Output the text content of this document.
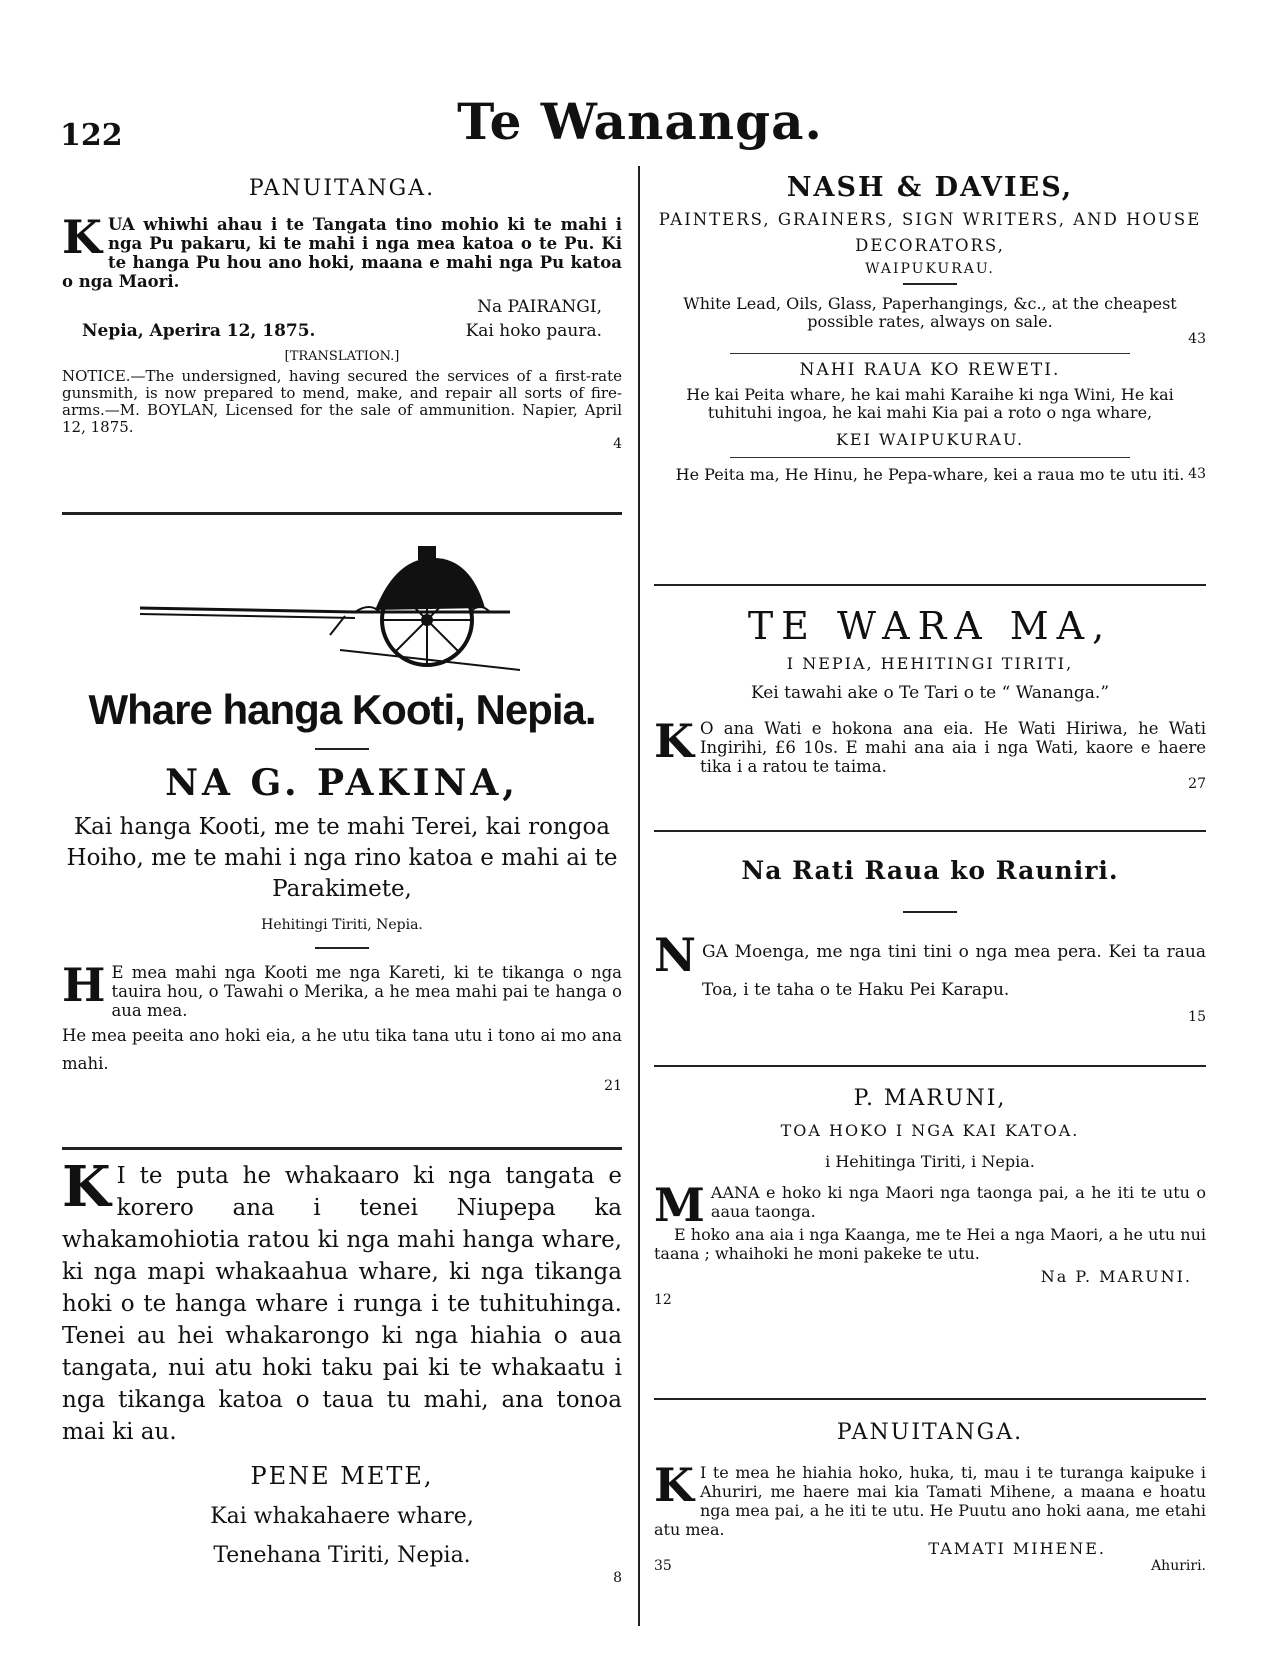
122	Te Wananga.
PANUITANGA.
K UA whiwhi ahau i te Tangata tino mohio ki te mahi i nga Pu pakaru, ki te mahi i nga mea katoa o te Pu. Ki te hanga Pu hou ano hoki, maana e mahi nga Pu katoa o nga Maori.
Na PAIRANGI,
Nepia, Aperira 12, 1875.	Kai hoko paura.
[TRANSLATION.]
NOTICE.—The undersigned, having secured the services of a first-rate gunsmith, is now prepared to mend, make, and repair all sorts of fire-arms.—M. BOYLAN, Licensed for the sale of ammunition. Napier, April 12, 1875.
4
Whare hanga Kooti, Nepia.
NA G. PAKINA,
Kai hanga Kooti, me te mahi Terei, kai rongoa Hoiho, me te mahi i nga rino katoa e mahi ai te Parakimete,
Hehitingi Tiriti, Nepia.
H E mea mahi nga Kooti me nga Kareti, ki te tikanga o nga tauira hou, o Tawahi o Merika, a he mea mahi pai te hanga o aua mea.
He mea peeita ano hoki eia, a he utu tika tana utu i tono ai mo ana mahi.
21
K I te puta he whakaaro ki nga tangata e korero ana i tenei Niupepa ka whakamohiotia ratou ki nga mahi hanga whare, ki nga mapi whakaahua whare, ki nga tikanga hoki o te hanga whare i runga i te tuhituhinga. Tenei au hei whakarongo ki nga hiahia o aua tangata, nui atu hoki taku pai ki te whakaatu i nga tikanga katoa o taua tu mahi, ana tonoa mai ki au.
PENE METE,
Kai whakahaere whare,
Tenehana Tiriti, Nepia.
8
NASH & DAVIES,
PAINTERS, GRAINERS, SIGN WRITERS, AND HOUSE DECORATORS,
WAIPUKURAU.
White Lead, Oils, Glass, Paperhangings, &c., at the cheapest possible rates, always on sale.
43
NAHI RAUA KO REWETI.
He kai Peita whare, he kai mahi Karaihe ki nga Wini, He kai tuhituhi ingoa, he kai mahi Kia pai a roto o nga whare,
KEI WAIPUKURAU.
He Peita ma, He Hinu, he Pepa-whare, kei a raua mo te utu iti. 43
TE WARA MA,
I NEPIA, HEHITINGI TIRITI,
Kei tawahi ake o Te Tari o te “ Wananga.”
K O ana Wati e hokona ana eia. He Wati Hiriwa, he Wati Ingirihi, £6 10s. E mahi ana aia i nga Wati, kaore e haere tika i a ratou te taima.
27
Na Rati Raua ko Rauniri.
N GA Moenga, me nga tini tini o nga mea pera. Kei ta raua Toa, i te taha o te Haku Pei Karapu.
15
P. MARUNI,
TOA HOKO I NGA KAI KATOA.
i Hehitinga Tiriti, i Nepia.
M AANA e hoko ki nga Maori nga taonga pai, a he iti te utu o aaua taonga.
E hoko ana aia i nga Kaanga, me te Hei a nga Maori, a he utu nui taana ; whaihoki he moni pakeke te utu.
Na P. MARUNI.
12
PANUITANGA.
K I te mea he hiahia hoko, huka, ti, mau i te turanga kaipuke i Ahuriri, me haere mai kia Tamati Mihene, a maana e hoatu nga mea pai, a he iti te utu. He Puutu ano hoki aana, me etahi atu mea.
TAMATI MIHENE.
35	Ahuriri.
